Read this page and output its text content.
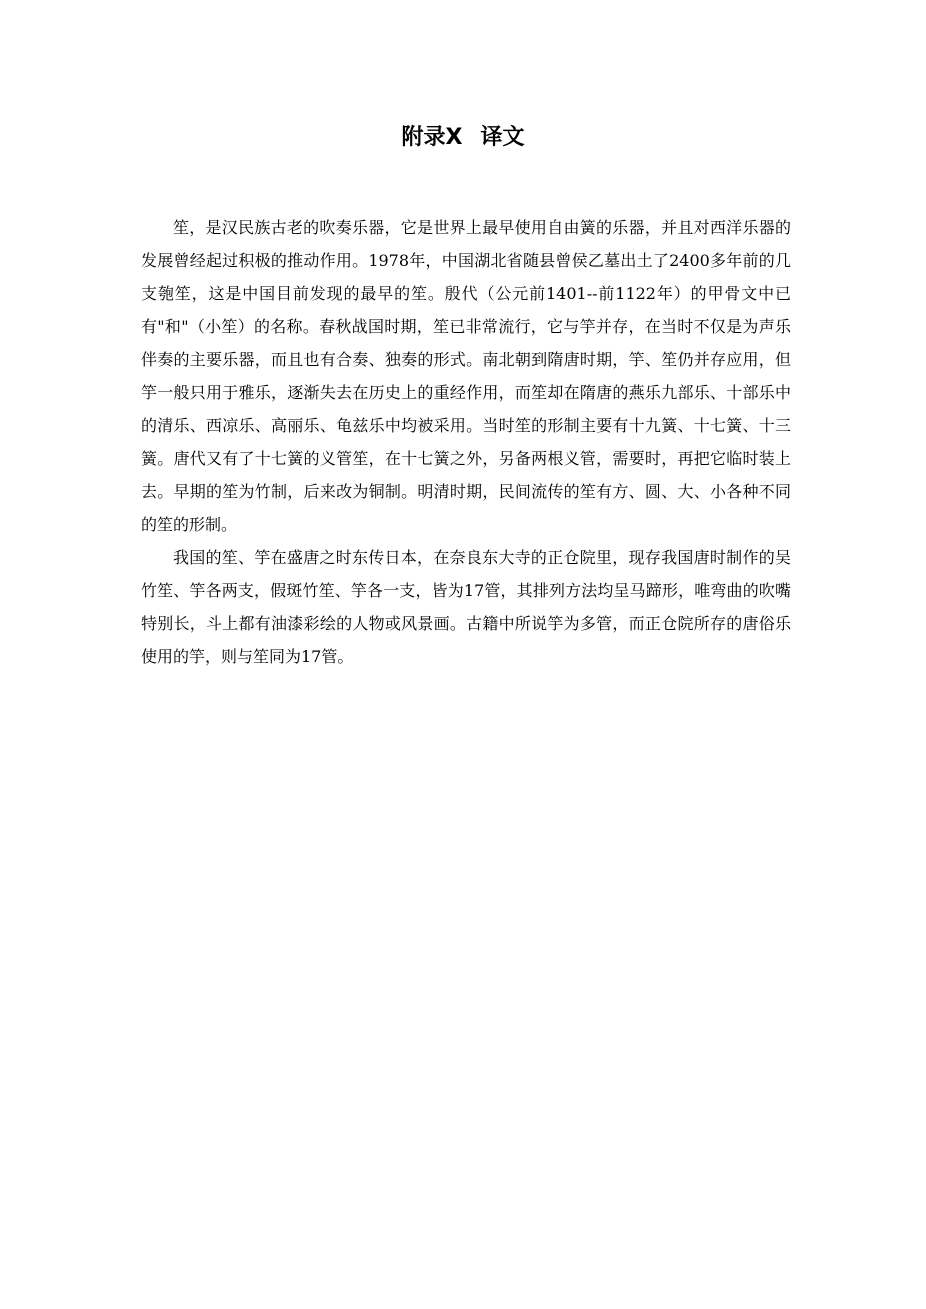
附录Ⅹ 译文

笙，是汉民族古老的吹奏乐器，它是世界上最早使用自由簧的乐器，并且对西洋乐器的发展曾经起过积极的推动作用。1978年，中国湖北省随县曾侯乙墓出土了2400多年前的几支匏笙，这是中国目前发现的最早的笙。殷代（公元前1401--前1122年）的甲骨文中已有"和"（小笙）的名称。春秋战国时期，笙已非常流行，它与竽并存，在当时不仅是为声乐伴奏的主要乐器，而且也有合奏、独奏的形式。南北朝到隋唐时期，竽、笙仍并存应用，但竽一般只用于雅乐，逐渐失去在历史上的重经作用，而笙却在隋唐的燕乐九部乐、十部乐中的清乐、西凉乐、高丽乐、龟兹乐中均被采用。当时笙的形制主要有十九簧、十七簧、十三簧。唐代又有了十七簧的义管笙，在十七簧之外，另备两根义管，需要时，再把它临时装上去。早期的笙为竹制，后来改为铜制。明清时期，民间流传的笙有方、圆、大、小各种不同的笙的形制。

我国的笙、竽在盛唐之时东传日本，在奈良东大寺的正仓院里，现存我国唐时制作的吴竹笙、竽各两支，假斑竹笙、竽各一支，皆为17管，其排列方法均呈马蹄形，唯弯曲的吹嘴特别长，斗上都有油漆彩绘的人物或风景画。古籍中所说竽为多管，而正仓院所存的唐俗乐使用的竽，则与笙同为17管。
